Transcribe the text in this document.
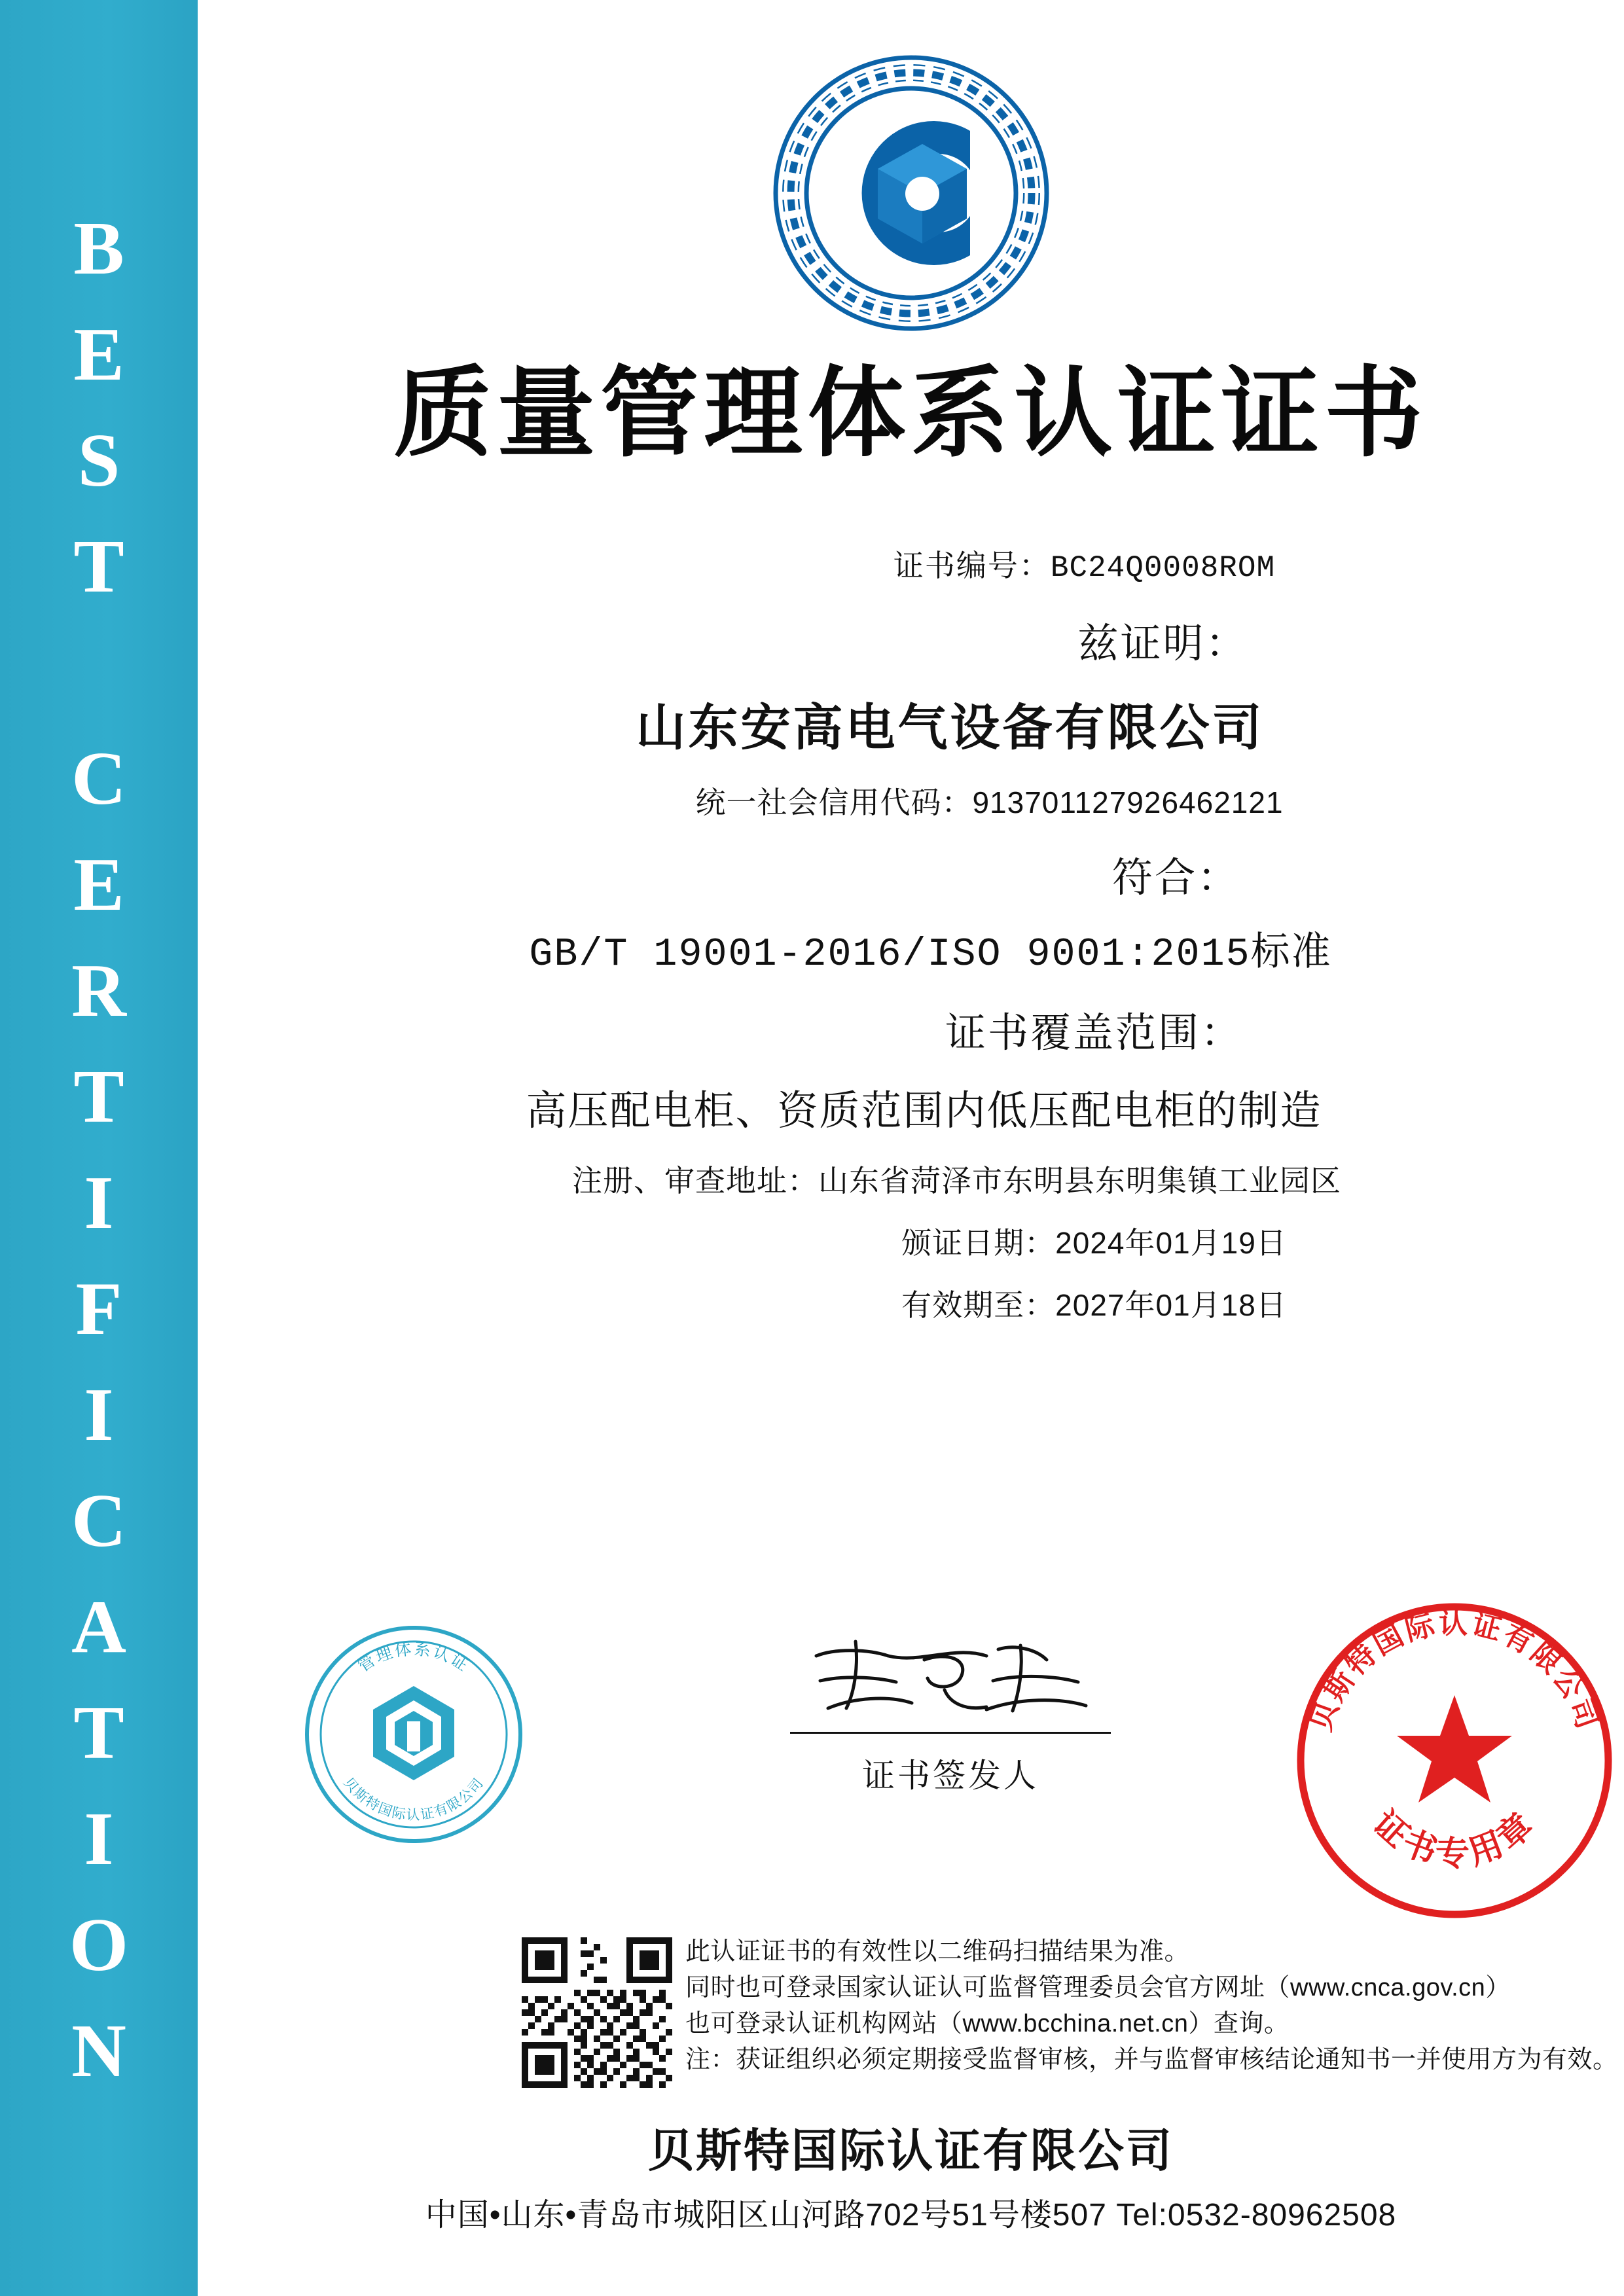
BEST CERTIFICATION	质量管理体系认证证书
证书编号：BC24Q0008ROM
兹证明：
山东安高电气设备有限公司
统一社会信用代码：913701127926462121
符合：
GB/T 19001-2016/ISO 9001:2015标准
证书覆盖范围：
高压配电柜、资质范围内低压配电柜的制造
注册、审查地址：山东省菏泽市东明县东明集镇工业园区
颁证日期：2024年01月19日
有效期至：2027年01月18日
管理体系认证
贝斯特国际认证有限公司	证书签发人
贝斯特国际认证有限公司
证书专用章
此认证证书的有效性以二维码扫描结果为准。
同时也可登录国家认证认可监督管理委员会官方网址（www.cnca.gov.cn）
也可登录认证机构网站（www.bcchina.net.cn）查询。
注：获证组织必须定期接受监督审核，并与监督审核结论通知书一并使用方为有效。
贝斯特国际认证有限公司
中国•山东•青岛市城阳区山河路702号51号楼507 Tel:0532-80962508
